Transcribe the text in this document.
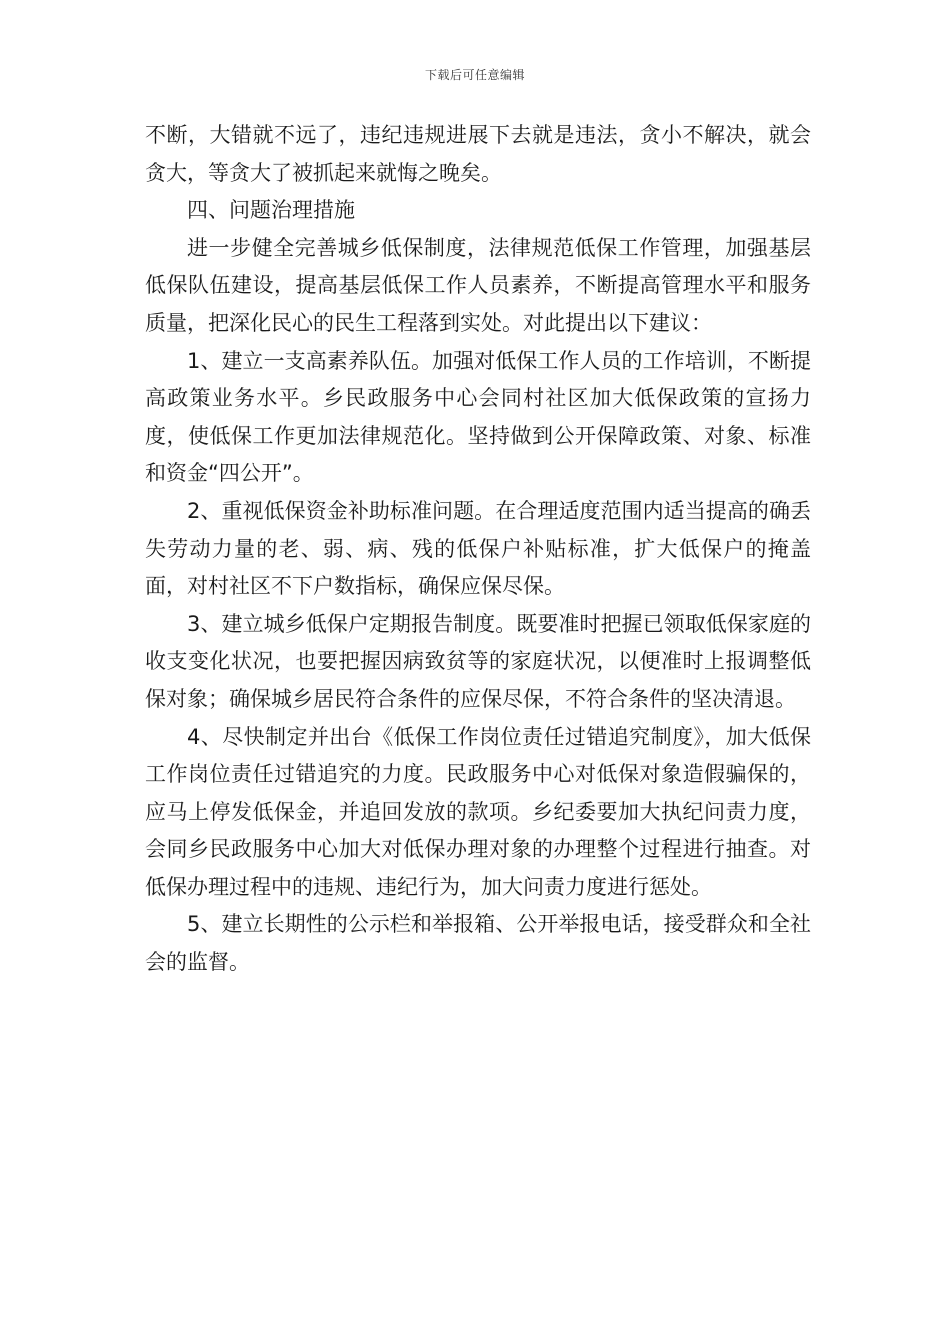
下载后可任意编辑

不断，大错就不远了，违纪违规进展下去就是违法，贪小不解决，就会贪大，等贪大了被抓起来就悔之晚矣。

四、问题治理措施

进一步健全完善城乡低保制度，法律规范低保工作管理，加强基层低保队伍建设，提高基层低保工作人员素养，不断提高管理水平和服务质量，把深化民心的民生工程落到实处。对此提出以下建议：

1、建立一支高素养队伍。加强对低保工作人员的工作培训，不断提高政策业务水平。乡民政服务中心会同村社区加大低保政策的宣扬力度，使低保工作更加法律规范化。坚持做到公开保障政策、对象、标准和资金“四公开”。

2、重视低保资金补助标准问题。在合理适度范围内适当提高的确丢失劳动力量的老、弱、病、残的低保户补贴标准，扩大低保户的掩盖面，对村社区不下户数指标，确保应保尽保。

3、建立城乡低保户定期报告制度。既要准时把握已领取低保家庭的收支变化状况，也要把握因病致贫等的家庭状况，以便准时上报调整低保对象；确保城乡居民符合条件的应保尽保，不符合条件的坚决清退。

4、尽快制定并出台《低保工作岗位责任过错追究制度》，加大低保工作岗位责任过错追究的力度。民政服务中心对低保对象造假骗保的，应马上停发低保金，并追回发放的款项。乡纪委要加大执纪问责力度，会同乡民政服务中心加大对低保办理对象的办理整个过程进行抽查。对低保办理过程中的违规、违纪行为，加大问责力度进行惩处。

5、建立长期性的公示栏和举报箱、公开举报电话，接受群众和全社会的监督。
